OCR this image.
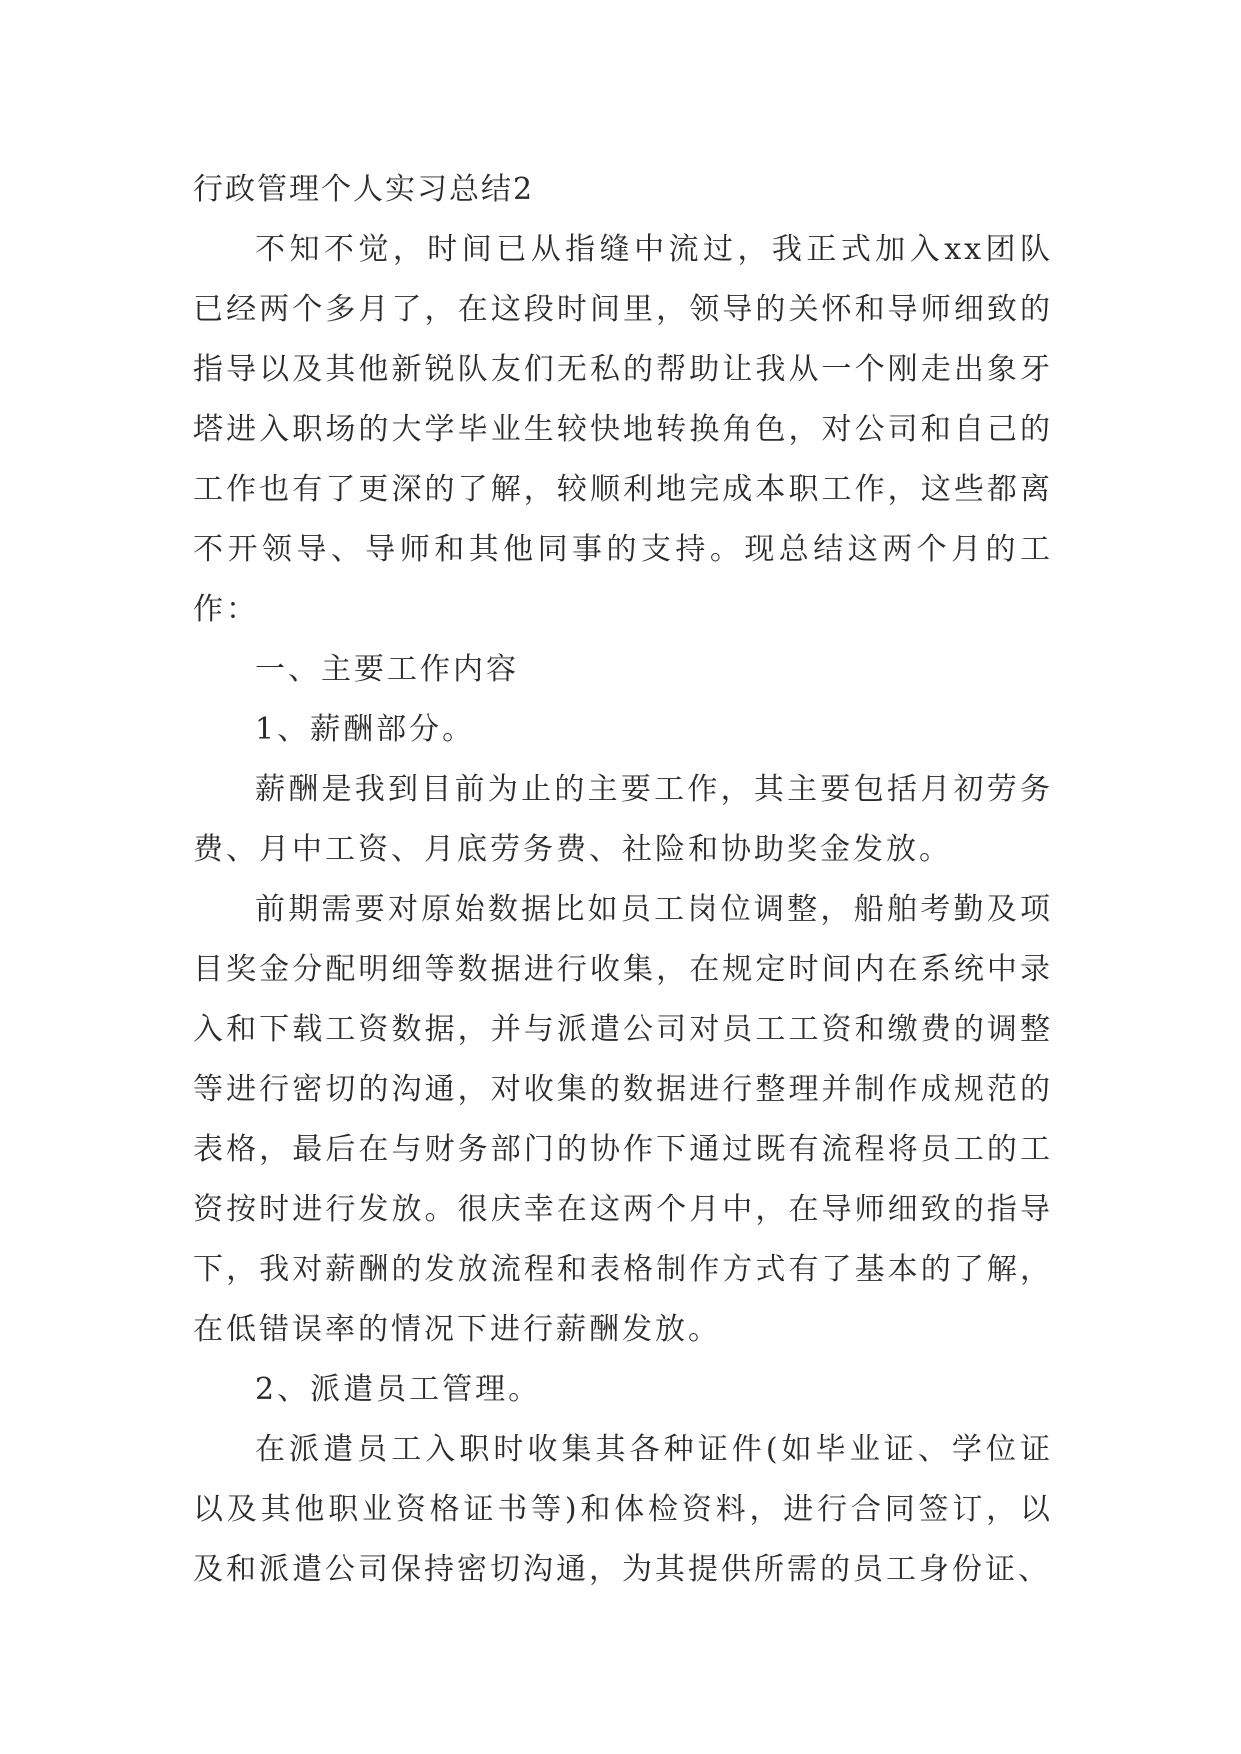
行政管理个人实习总结2

不知不觉，时间已从指缝中流过，我正式加入xx团队已经两个多月了，在这段时间里，领导的关怀和导师细致的指导以及其他新锐队友们无私的帮助让我从一个刚走出象牙塔进入职场的大学毕业生较快地转换角色，对公司和自己的工作也有了更深的了解，较顺利地完成本职工作，这些都离不开领导、导师和其他同事的支持。现总结这两个月的工作：

一、主要工作内容

1、薪酬部分。

薪酬是我到目前为止的主要工作，其主要包括月初劳务费、月中工资、月底劳务费、社险和协助奖金发放。

前期需要对原始数据比如员工岗位调整，船舶考勤及项目奖金分配明细等数据进行收集，在规定时间内在系统中录入和下载工资数据，并与派遣公司对员工工资和缴费的调整等进行密切的沟通，对收集的数据进行整理并制作成规范的表格，最后在与财务部门的协作下通过既有流程将员工的工资按时进行发放。很庆幸在这两个月中，在导师细致的指导下，我对薪酬的发放流程和表格制作方式有了基本的了解，在低错误率的情况下进行薪酬发放。

2、派遣员工管理。

在派遣员工入职时收集其各种证件(如毕业证、学位证以及其他职业资格证书等)和体检资料，进行合同签订，以及和派遣公司保持密切沟通，为其提供所需的员工身份证、
